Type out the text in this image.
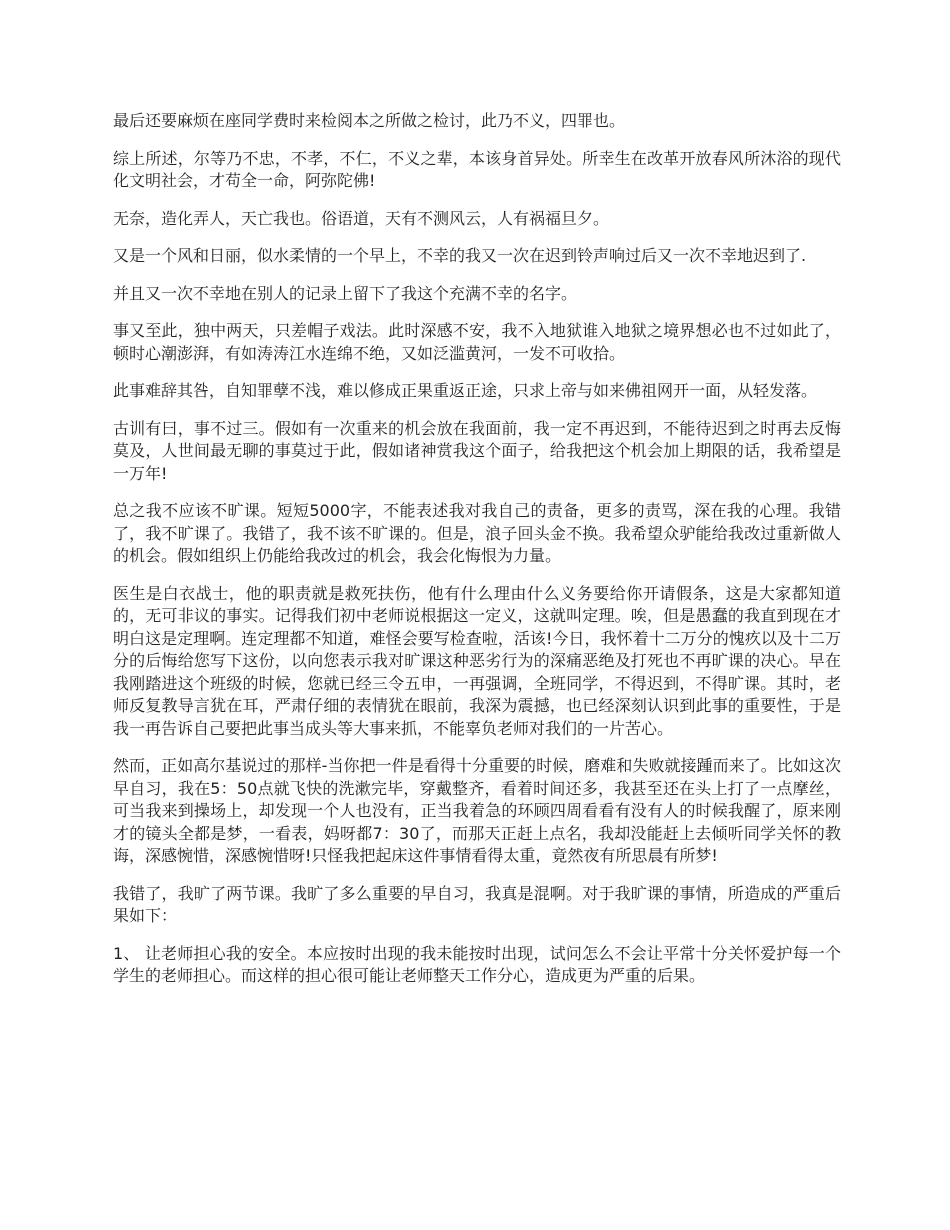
最后还要麻烦在座同学费时来检阅本之所做之检讨，此乃不义，四罪也。

综上所述，尔等乃不忠，不孝，不仁，不义之辈，本该身首异处。所幸生在改革开放春风所沐浴的现代化文明社会，才苟全一命，阿弥陀佛!

无奈，造化弄人，天亡我也。俗语道，天有不测风云，人有祸福旦夕。

又是一个风和日丽，似水柔情的一个早上，不幸的我又一次在迟到铃声响过后又一次不幸地迟到了.

并且又一次不幸地在别人的记录上留下了我这个充满不幸的名字。

事又至此，独中两天，只差帽子戏法。此时深感不安，我不入地狱谁入地狱之境界想必也不过如此了，顿时心潮澎湃，有如涛涛江水连绵不绝，又如泛滥黄河，一发不可收拾。

此事难辞其咎，自知罪孽不浅，难以修成正果重返正途，只求上帝与如来佛祖网开一面，从轻发落。

古训有曰，事不过三。假如有一次重来的机会放在我面前，我一定不再迟到，不能待迟到之时再去反悔莫及，人世间最无聊的事莫过于此，假如诸神赏我这个面子，给我把这个机会加上期限的话，我希望是一万年!

总之我不应该不旷课。短短5000字，不能表述我对我自己的责备，更多的责骂，深在我的心理。我错了，我不旷课了。我错了，我不该不旷课的。但是，浪子回头金不换。我希望众驴能给我改过重新做人的机会。假如组织上仍能给我改过的机会，我会化悔恨为力量。

医生是白衣战士，他的职责就是救死扶伤，他有什么理由什么义务要给你开请假条，这是大家都知道的，无可非议的事实。记得我们初中老师说根据这一定义，这就叫定理。唉，但是愚蠢的我直到现在才明白这是定理啊。连定理都不知道，难怪会要写检查啦，活该!今日，我怀着十二万分的愧疚以及十二万分的后悔给您写下这份，以向您表示我对旷课这种恶劣行为的深痛恶绝及打死也不再旷课的决心。早在我刚踏进这个班级的时候，您就已经三令五申，一再强调，全班同学，不得迟到，不得旷课。其时，老师反复教导言犹在耳，严肃仔细的表情犹在眼前，我深为震撼，也已经深刻认识到此事的重要性，于是我一再告诉自己要把此事当成头等大事来抓，不能辜负老师对我们的一片苦心。

然而，正如高尔基说过的那样-当你把一件是看得十分重要的时候，磨难和失败就接踵而来了。比如这次早自习，我在5：50点就飞快的洗漱完毕，穿戴整齐，看着时间还多，我甚至还在头上打了一点摩丝，可当我来到操场上，却发现一个人也没有，正当我着急的环顾四周看看有没有人的时候我醒了，原来刚才的镜头全都是梦，一看表，妈呀都7：30了，而那天正赶上点名，我却没能赶上去倾听同学关怀的教诲，深感惋惜，深感惋惜呀!只怪我把起床这件事情看得太重，竟然夜有所思晨有所梦!

我错了，我旷了两节课。我旷了多么重要的早自习，我真是混啊。对于我旷课的事情，所造成的严重后果如下：

1、 让老师担心我的安全。本应按时出现的我未能按时出现，试问怎么不会让平常十分关怀爱护每一个学生的老师担心。而这样的担心很可能让老师整天工作分心，造成更为严重的后果。
